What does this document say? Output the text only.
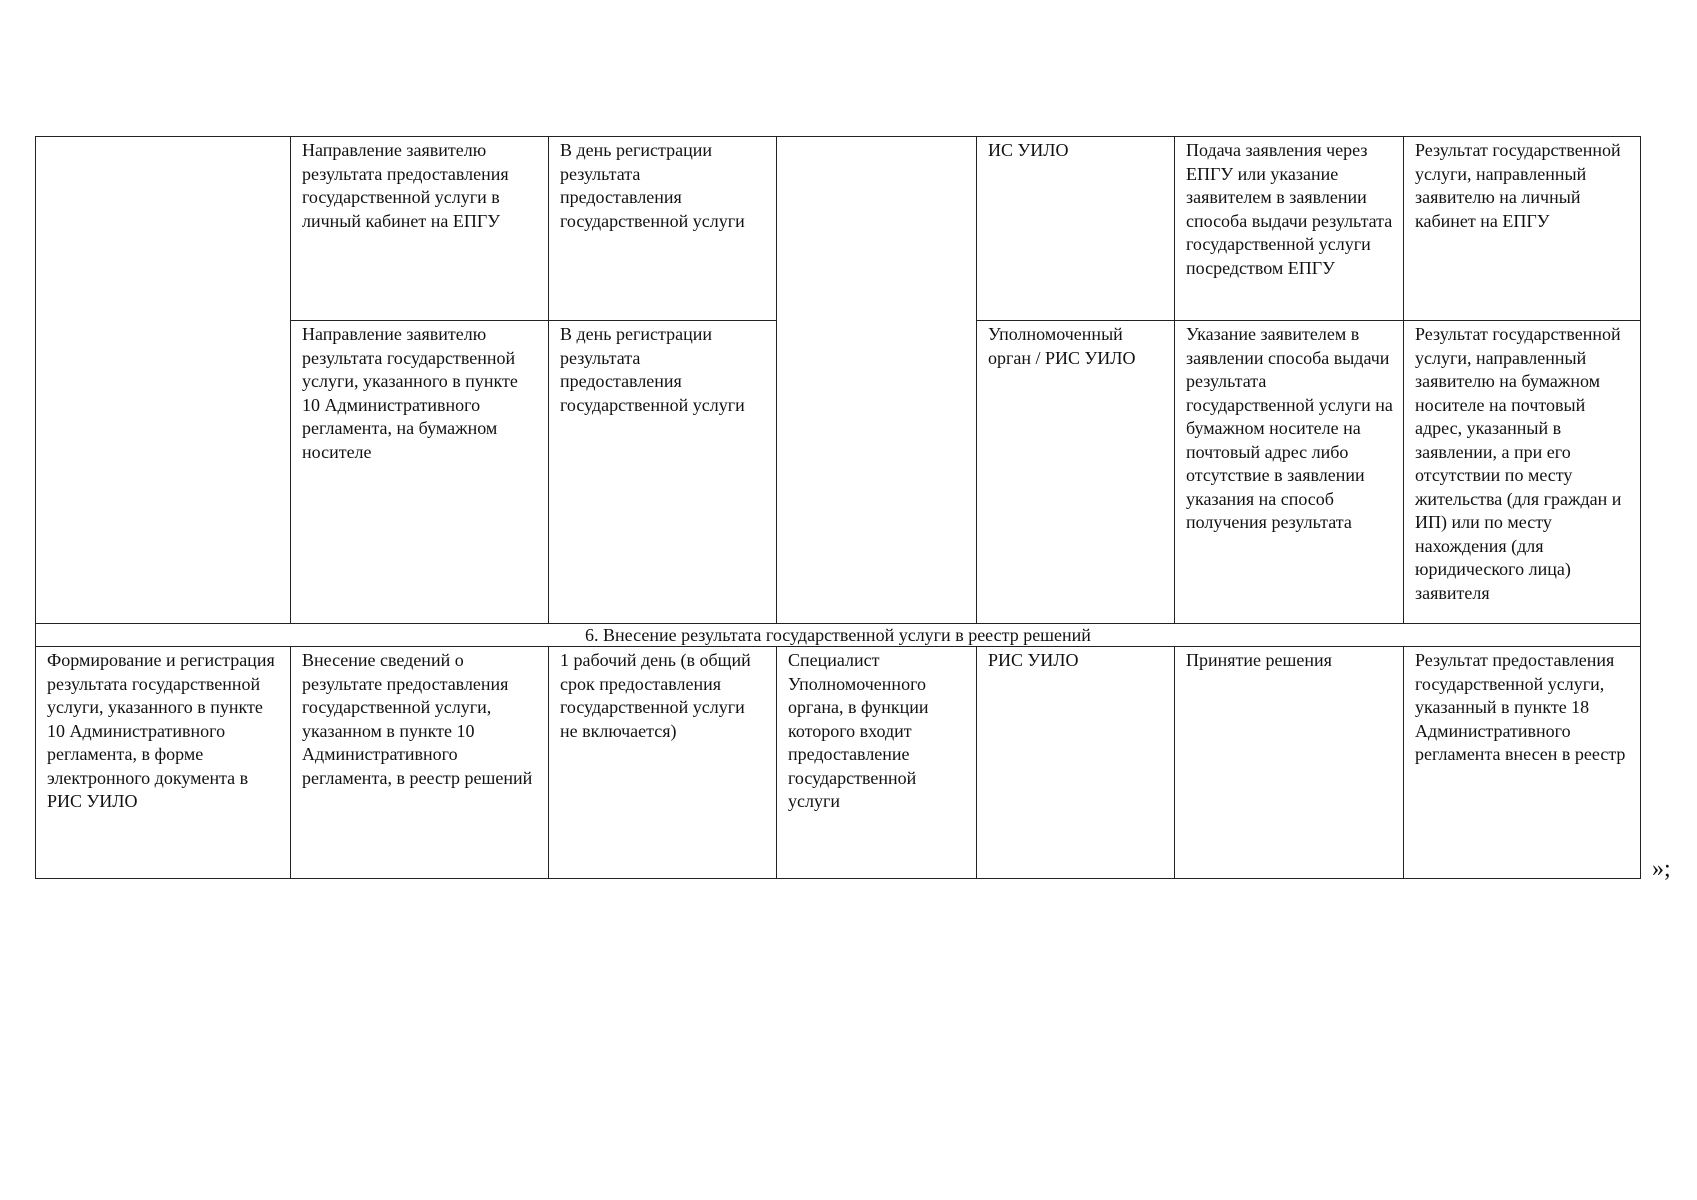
	Направление заявителю результата предоставления государственной услуги в личный кабинет на ЕПГУ	В день регистрации результата предоставления государственной услуги		ИС УИЛО	Подача заявления через ЕПГУ или указание заявителем в заявлении способа выдачи результата государственной услуги посредством ЕПГУ	Результат государственной услуги, направленный заявителю на личный кабинет на ЕПГУ

	Направление заявителю результата государственной услуги, указанного в пункте 10 Административного регламента, на бумажном носителе	В день регистрации результата предоставления государственной услуги		Уполномоченный орган / РИС УИЛО	Указание заявителем в заявлении способа выдачи результата государственной услуги на бумажном носителе на почтовый адрес либо отсутствие в заявлении указания на способ получения результата	Результат государственной услуги, направленный заявителю на бумажном носителе на почтовый адрес, указанный в заявлении, а при его отсутствии по месту жительства (для граждан и ИП) или по месту нахождения (для юридического лица) заявителя

6. Внесение результата государственной услуги в реестр решений						

Формирование и регистрация результата государственной услуги, указанного в пункте 10 Административного регламента, в форме электронного документа в РИС УИЛО	Внесение сведений о результате предоставления государственной услуги, указанном в пункте 10 Административного регламента, в реестр решений	1 рабочий день (в общий срок предоставления государственной услуги не включается)	Специалист Уполномоченного органа, в функции которого входит предоставление государственной услуги	РИС УИЛО	Принятие решения	Результат предоставления государственной услуги, указанный в пункте 18 Административного регламента внесен в реестр
»;
